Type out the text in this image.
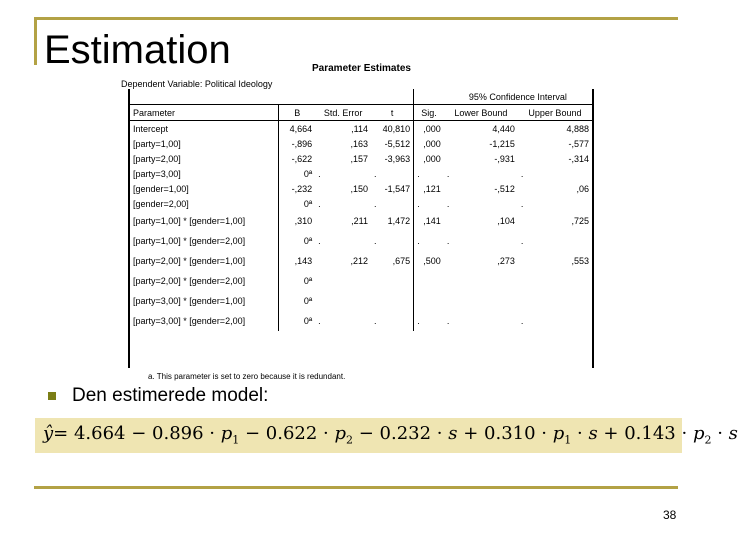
Estimation	Parameter Estimates
Dependent Variable: Political Ideology
					95% Confidence Interval	
Parameter	B	Std. Error	t	Sig.	Lower Bound	Upper Bound
Intercept	4,664	,114	40,810	,000	4,440	4,888
[party=1,00]	-,896	,163	-5,512	,000	-1,215	-,577
[party=2,00]	-,622	,157	-3,963	,000	-,931	-,314
[party=3,00]	0ª	.	.	.	.	.
[gender=1,00]	-,232	,150	-1,547	,121	-,512	,06
[gender=2,00]	0ª	.	.	.	.	.
[party=1,00] * [gender=1,00]	,310	,211	1,472	,141	,104	,725
[party=1,00] * [gender=2,00]	0ª	.	.	.	.	.
[party=2,00] * [gender=1,00]	,143	,212	,675	,500	,273	,553
[party=2,00] * [gender=2,00]	0ª					
[party=3,00] * [gender=1,00]	0ª					
[party=3,00] * [gender=2,00]	0ª	.	.	.	.	.
a. This parameter is set to zero because it is redundant.
Den estimerede model:
ŷ= $4.664 - 0.896 \cdot p_1 - 0.622 \cdot p_2 - 0.232 \cdot s + 0.310 \cdot p_1 \cdot s + 0.143 \cdot p_2 \cdot s$
38
